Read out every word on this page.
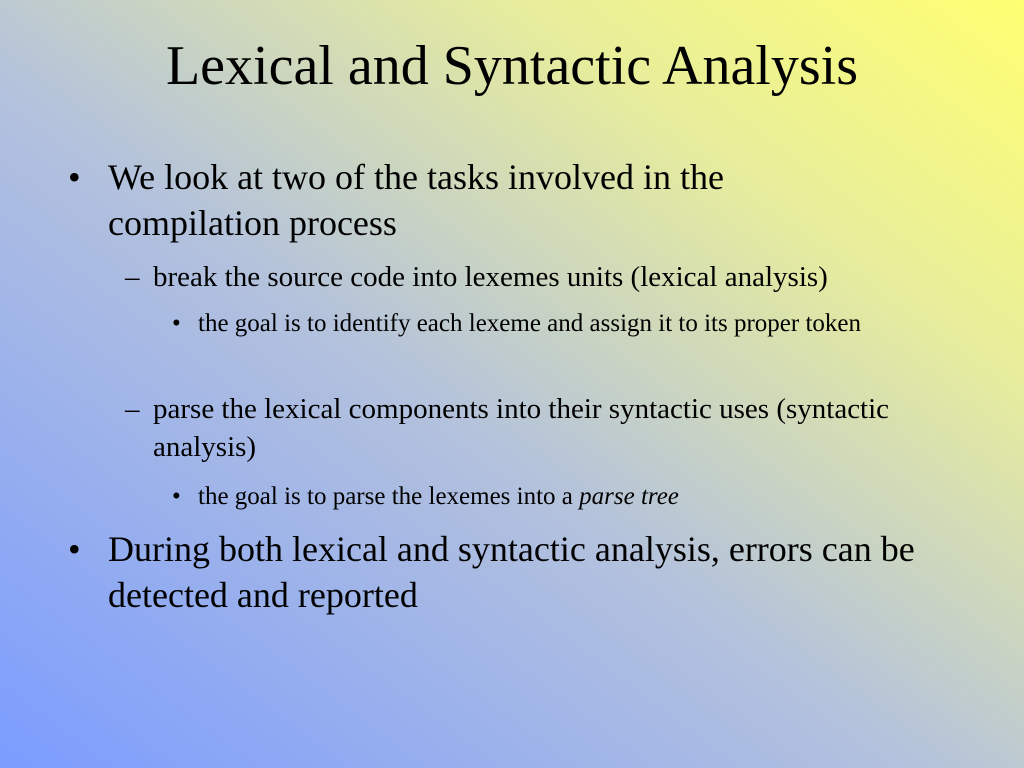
Lexical and Syntactic Analysis
• We look at two of the tasks involved in the compilation process
– break the source code into lexemes units (lexical analysis)
• the goal is to identify each lexeme and assign it to its proper token
– parse the lexical components into their syntactic uses (syntactic analysis)
• the goal is to parse the lexemes into a parse tree
• During both lexical and syntactic analysis, errors can be detected and reported
